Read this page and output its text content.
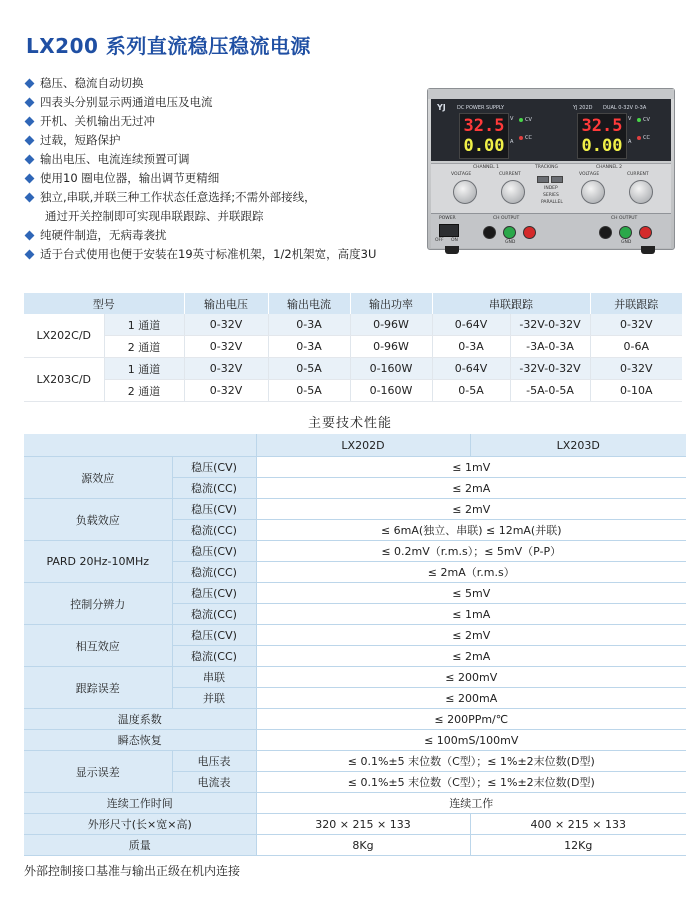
LX200 系列直流稳压稳流电源
稳压、稳流自动切换
四表头分别显示两通道电压及电流
开机、关机输出无过冲
过载，短路保护
输出电压、电流连续预置可调
使用10 圈电位器，输出调节更精细
独立,串联,并联三种工作状态任意选择;不需外部接线，
通过开关控制即可实现串联跟踪、并联跟踪
纯硬件制造，无病毒袭扰
适于台式使用也便于安装在19英寸标准机架，1/2机架宽，高度3U
YJ DC POWER SUPPLY	YJ 202D DUAL 0-32V 0-3A
32.5
0.00
V
A
CV
CC
32.5
0.00
V
A
CV
CC
CHANNEL 1	TRACKING	CHANNEL 2
VOLTAGE	CURRENT	VOLTAGE	CURRENT
INDEP
SERIES
PARALLEL
POWER
OFF ON
CH OUTPUT	CH OUTPUT
GND	GND
型号		输出电压	输出电流	输出功率	串联跟踪		并联跟踪
LX202C/D	1 通道	0-32V	0-3A	0-96W	0-64V	-32V-0-32V	0-32V
	2 通道	0-32V	0-3A	0-96W	0-3A	-3A-0-3A	0-6A
LX203C/D	1 通道	0-32V	0-5A	0-160W	0-64V	-32V-0-32V	0-32V
	2 通道	0-32V	0-5A	0-160W	0-5A	-5A-0-5A	0-10A
主要技术性能
		LX202D	LX203D
源效应	稳压(CV)	≤ 1mV	
	稳流(CC)	≤ 2mA	
负载效应	稳压(CV)	≤ 2mV	
	稳流(CC)	≤ 6mA(独立、串联) ≤ 12mA(并联)	
PARD 20Hz-10MHz	稳压(CV)	≤ 0.2mV（r.m.s）；≤ 5mV（P-P）	
	稳流(CC)	≤ 2mA（r.m.s）	
控制分辨力	稳压(CV)	≤ 5mV	
	稳流(CC)	≤ 1mA	
相互效应	稳压(CV)	≤ 2mV	
	稳流(CC)	≤ 2mA	
跟踪误差	串联	≤ 200mV	
	并联	≤ 200mA	
温度系数		≤ 200PPm/℃	
瞬态恢复		≤ 100mS/100mV	
显示误差	电压表	≤ 0.1%±5 末位数（C型）；≤ 1%±2末位数(D型)	
	电流表	≤ 0.1%±5 末位数（C型）；≤ 1%±2末位数(D型)	
连续工作时间		连续工作	
外形尺寸(长×宽×高)		320 × 215 × 133	400 × 215 × 133
质量		8Kg	12Kg
外部控制接口基准与输出正级在机内连接
